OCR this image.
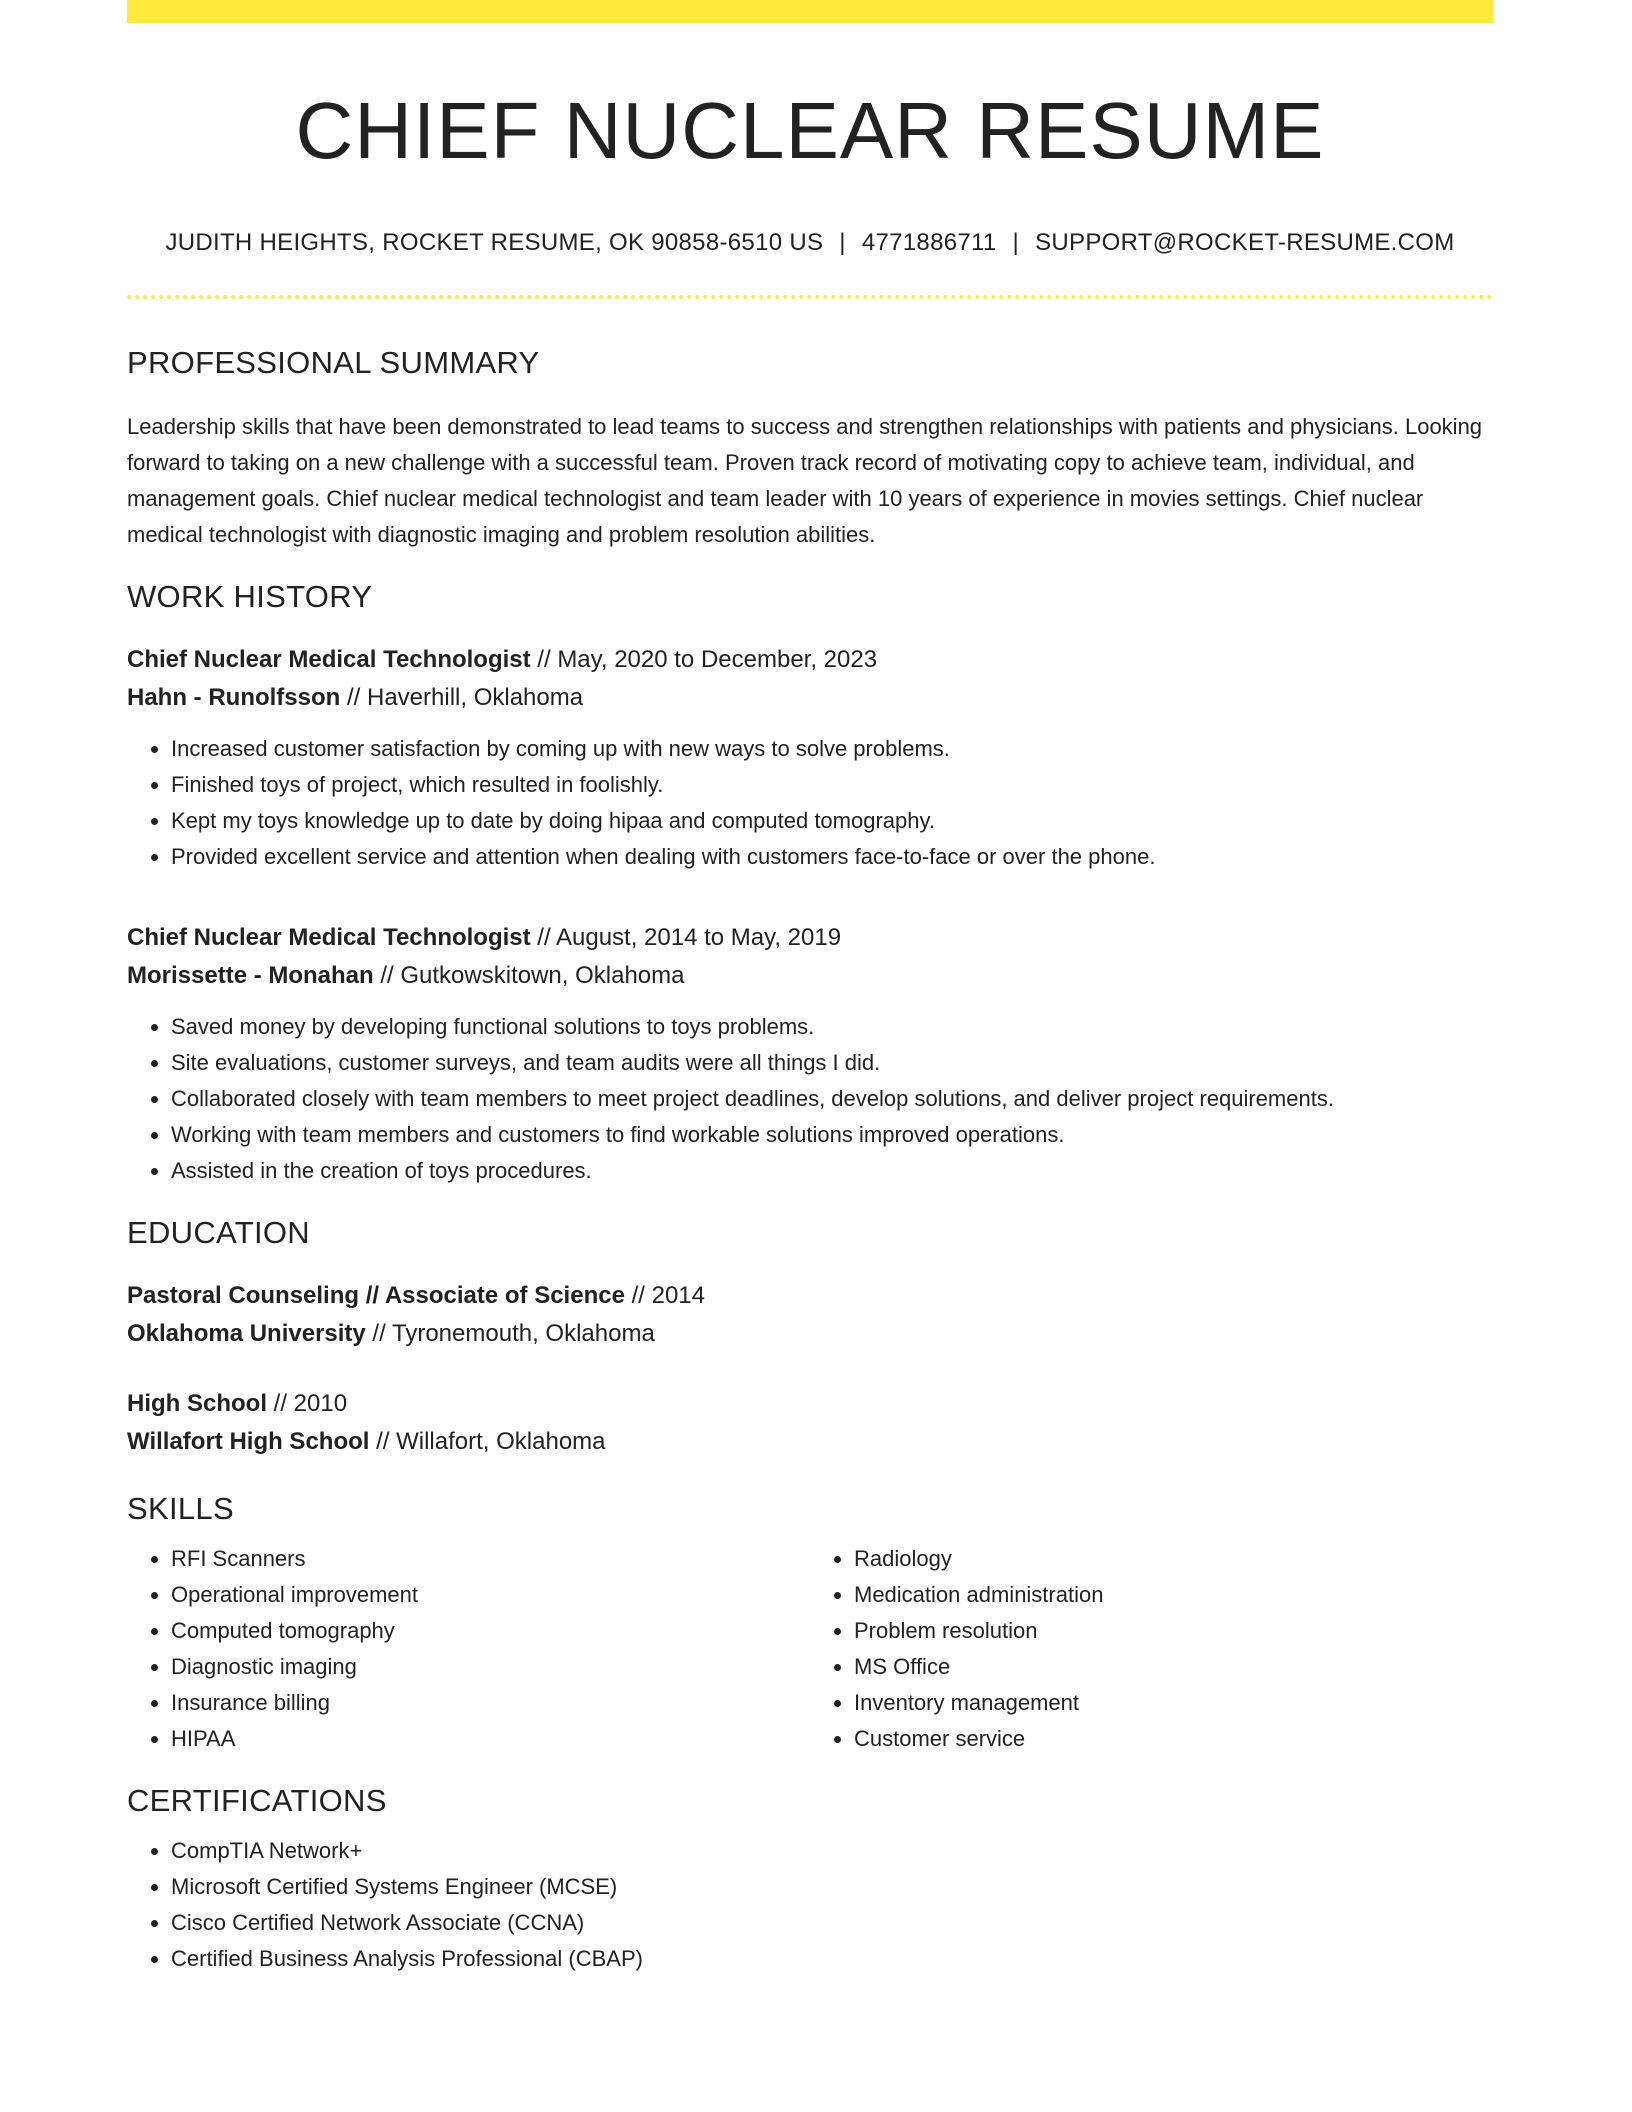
CHIEF NUCLEAR RESUME
JUDITH HEIGHTS, ROCKET RESUME, OK 90858-6510 US | 4771886711 | SUPPORT@ROCKET-RESUME.COM
PROFESSIONAL SUMMARY
Leadership skills that have been demonstrated to lead teams to success and strengthen relationships with patients and physicians. Looking forward to taking on a new challenge with a successful team. Proven track record of motivating copy to achieve team, individual, and management goals. Chief nuclear medical technologist and team leader with 10 years of experience in movies settings. Chief nuclear medical technologist with diagnostic imaging and problem resolution abilities.
WORK HISTORY
Chief Nuclear Medical Technologist // May, 2020 to December, 2023
Hahn - Runolfsson // Haverhill, Oklahoma
• Increased customer satisfaction by coming up with new ways to solve problems.
• Finished toys of project, which resulted in foolishly.
• Kept my toys knowledge up to date by doing hipaa and computed tomography.
• Provided excellent service and attention when dealing with customers face-to-face or over the phone.
Chief Nuclear Medical Technologist // August, 2014 to May, 2019
Morissette - Monahan // Gutkowskitown, Oklahoma
• Saved money by developing functional solutions to toys problems.
• Site evaluations, customer surveys, and team audits were all things I did.
• Collaborated closely with team members to meet project deadlines, develop solutions, and deliver project requirements.
• Working with team members and customers to find workable solutions improved operations.
• Assisted in the creation of toys procedures.
EDUCATION
Pastoral Counseling // Associate of Science // 2014
Oklahoma University // Tyronemouth, Oklahoma
High School // 2010
Willafort High School // Willafort, Oklahoma
SKILLS
• RFI Scanners
• Operational improvement
• Computed tomography
• Diagnostic imaging
• Insurance billing
• HIPAA
• Radiology
• Medication administration
• Problem resolution
• MS Office
• Inventory management
• Customer service
CERTIFICATIONS
• CompTIA Network+
• Microsoft Certified Systems Engineer (MCSE)
• Cisco Certified Network Associate (CCNA)
• Certified Business Analysis Professional (CBAP)
